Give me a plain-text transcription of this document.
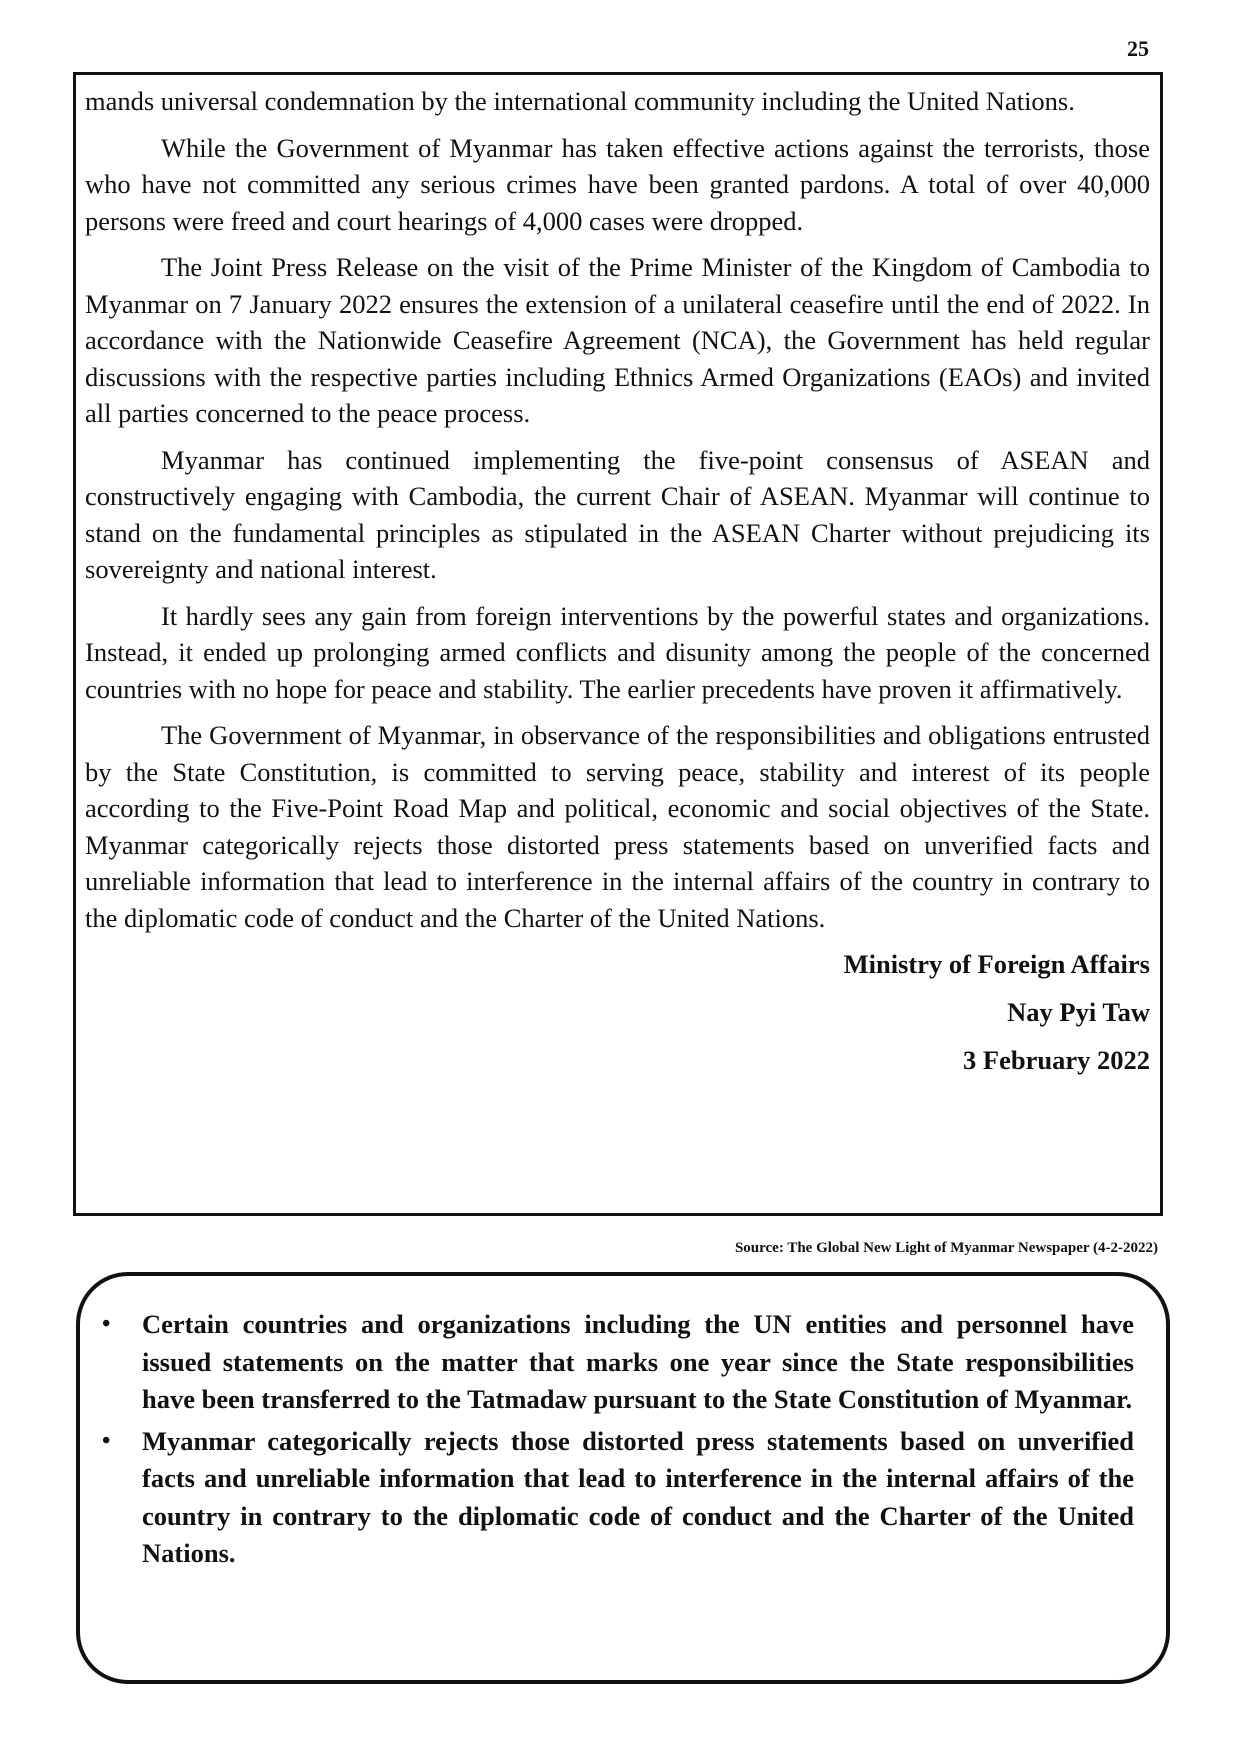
25

mands universal condemnation by the international community including the United Nations.

While the Government of Myanmar has taken effective actions against the terrorists, those who have not committed any serious crimes have been granted pardons. A total of over 40,000 persons were freed and court hearings of 4,000 cases were dropped.

The Joint Press Release on the visit of the Prime Minister of the Kingdom of Cambodia to Myanmar on 7 January 2022 ensures the extension of a unilateral ceasefire until the end of 2022. In accordance with the Nationwide Ceasefire Agreement (NCA), the Government has held regular discussions with the respective parties including Ethnics Armed Organizations (EAOs) and invited all parties concerned to the peace process.

Myanmar has continued implementing the five-point consensus of ASEAN and constructively engaging with Cambodia, the current Chair of ASEAN. Myanmar will continue to stand on the fundamental principles as stipulated in the ASEAN Charter without prejudicing its sovereignty and national interest.

It hardly sees any gain from foreign interventions by the powerful states and organizations. Instead, it ended up prolonging armed conflicts and disunity among the people of the concerned countries with no hope for peace and stability. The earlier precedents have proven it affirmatively.

The Government of Myanmar, in observance of the responsibilities and obligations entrusted by the State Constitution, is committed to serving peace, stability and interest of its people according to the Five-Point Road Map and political, economic and social objectives of the State. Myanmar categorically rejects those distorted press statements based on unverified facts and unreliable information that lead to interference in the internal affairs of the country in contrary to the diplomatic code of conduct and the Charter of the United Nations.

Ministry of Foreign Affairs
Nay Pyi Taw
3 February 2022
Source: The Global New Light of Myanmar Newspaper (4-2-2022)
• Certain countries and organizations including the UN entities and personnel have issued statements on the matter that marks one year since the State responsibilities have been transferred to the Tatmadaw pursuant to the State Constitution of Myanmar.
• Myanmar categorically rejects those distorted press statements based on unverified facts and unreliable information that lead to interference in the internal affairs of the country in contrary to the diplomatic code of conduct and the Charter of the United Nations.
